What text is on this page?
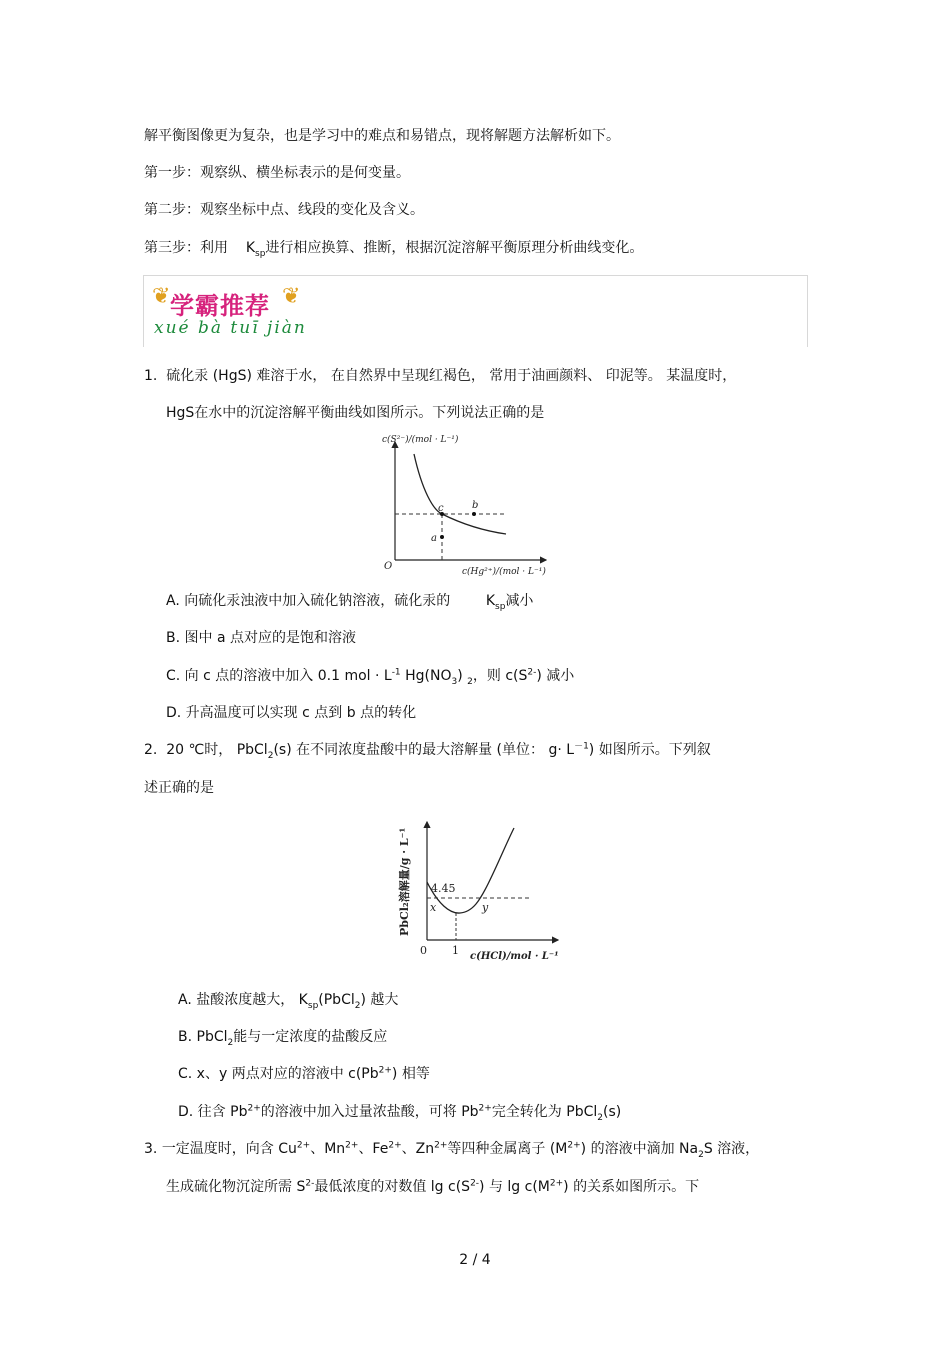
解平衡图像更为复杂，也是学习中的难点和易错点，现将解题方法解析如下。
第一步：观察纵、横坐标表示的是何变量。
第二步：观察坐标中点、线段的变化及含义。
第三步：利用 $K_{sp}$进行相应换算、推断，根据沉淀溶解平衡原理分析曲线变化。
❦ 学霸推荐 ❦
xué bà tuī jiàn
1. 硫化汞 (HgS) 难溶于水， 在自然界中呈现红褐色， 常用于油画颜料、 印泥等。 某温度时，
HgS在水中的沉淀溶解平衡曲线如图所示。下列说法正确的是
c(S²⁻)/(mol · L⁻¹)
c(Hg²⁺)/(mol · L⁻¹)
O
c	b
a
A. 向硫化汞浊液中加入硫化钠溶液，硫化汞的	$K_{sp}$减小
B. 图中 a 点对应的是饱和溶液
C. 向 c 点的溶液中加入 0.1 mol · $L^{-1}$ $Hg(NO_3)$ $_2$，则 $c(S^{2-})$ 减小
D. 升高温度可以实现 c 点到 b 点的转化
2. 20 ℃时， PbCl$_2$(s) 在不同浓度盐酸中的最大溶解量 (单位： $g\cdot L^{-1}$) 如图所示。下列叙
述正确的是
PbCl₂溶解量/g · L⁻¹ 4.45
x	y
0 1 c(HCl)/mol · L⁻¹
A. 盐酸浓度越大， $K_{sp}(PbCl_2)$ 越大
B. PbCl$_2$能与一定浓度的盐酸反应
C. x、y 两点对应的溶液中 $c(Pb^{2+})$ 相等
D. 往含 $Pb^{2+}$的溶液中加入过量浓盐酸，可将 $Pb^{2+}$完全转化为 PbCl$_2$(s)
3. 一定温度时，向含 $Cu^{2+}$、$Mn^{2+}$、$Fe^{2+}$、$Zn^{2+}$等四种金属离子 $(M^{2+})$ 的溶液中滴加 $Na_2S$ 溶液，
生成硫化物沉淀所需 $S^{2-}$最低浓度的对数值 $\lg c(S^{2-})$ 与 $\lg c(M^{2+})$ 的关系如图所示。下
2 / 4
